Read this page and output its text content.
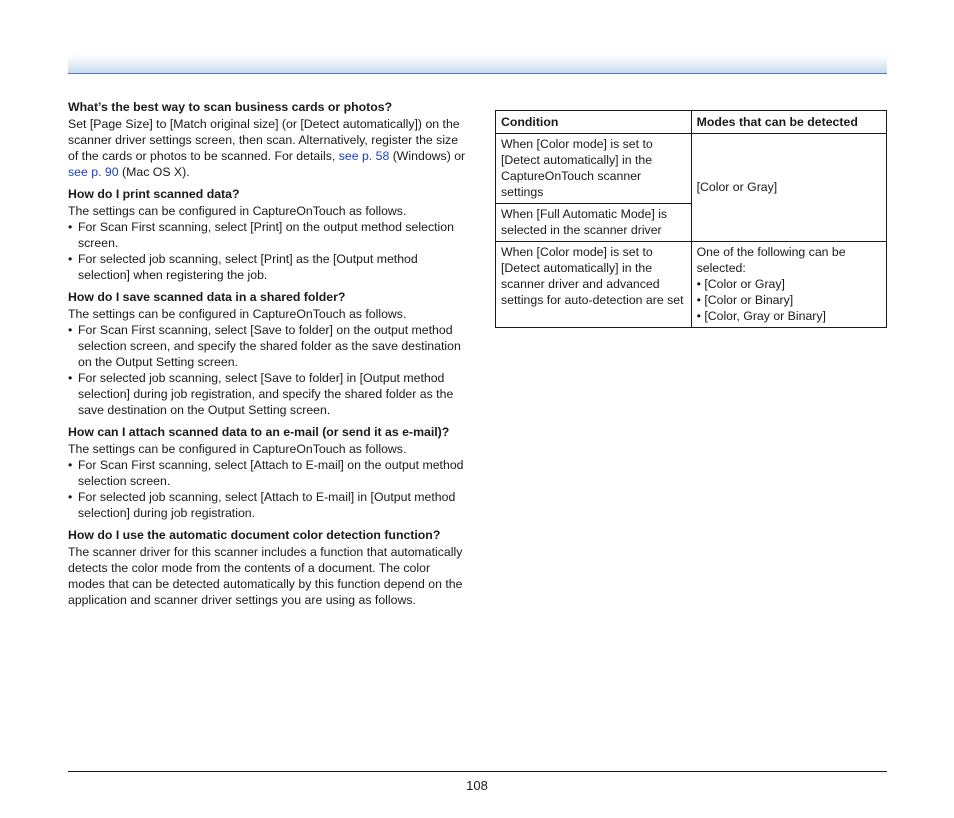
What’s the best way to scan business cards or photos?

Set [Page Size] to [Match original size] (or [Detect automatically]) on the scanner driver settings screen, then scan. Alternatively, register the size of the cards or photos to be scanned. For details, see p. 58 (Windows) or see p. 90 (Mac OS X).

How do I print scanned data?

The settings can be configured in CaptureOnTouch as follows.

• For Scan First scanning, select [Print] on the output method selection screen.
• For selected job scanning, select [Print] as the [Output method selection] when registering the job.

How do I save scanned data in a shared folder?

The settings can be configured in CaptureOnTouch as follows.

• For Scan First scanning, select [Save to folder] on the output method selection screen, and specify the shared folder as the save destination on the Output Setting screen.
• For selected job scanning, select [Save to folder] in [Output method selection] during job registration, and specify the shared folder as the save destination on the Output Setting screen.

How can I attach scanned data to an e-mail (or send it as e-mail)?

The settings can be configured in CaptureOnTouch as follows.

• For Scan First scanning, select [Attach to E-mail] on the output method selection screen.
• For selected job scanning, select [Attach to E-mail] in [Output method selection] during job registration.

How do I use the automatic document color detection function?

The scanner driver for this scanner includes a function that automatically detects the color mode from the contents of a document. The color modes that can be detected automatically by this function depend on the application and scanner driver settings you are using as follows.

Condition	Modes that can be detected
When [Color mode] is set to [Detect automatically] in the CaptureOnTouch scanner settings	[Color or Gray]
When [Full Automatic Mode] is selected in the scanner driver	
When [Color mode] is set to [Detect automatically] in the scanner driver and advanced settings for auto-detection are set	One of the following can be selected:
• [Color or Gray]
• [Color or Binary]
• [Color, Gray or Binary]
108
